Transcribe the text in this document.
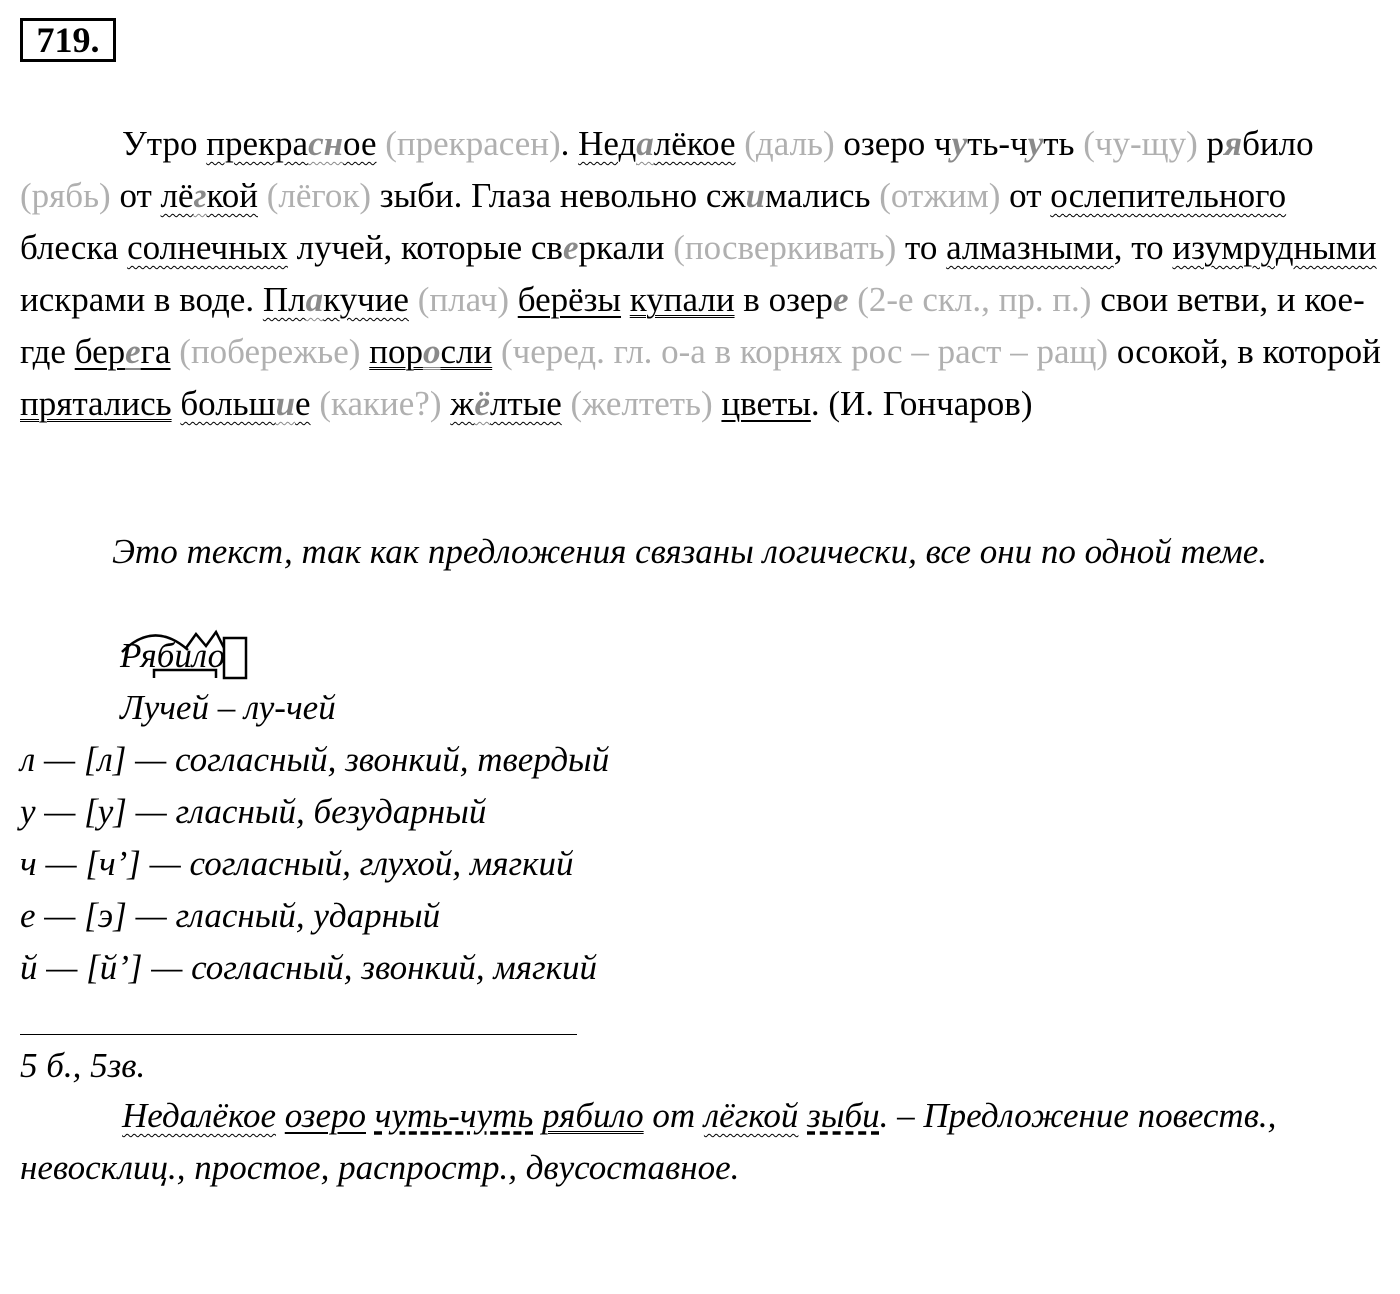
719.

Утро прекрасное (прекрасен). Недалёкое (даль) озеро чуть-чуть (чу-щу) рябило (рябь) от лёгкой (лёгок) зыби. Глаза невольно сжимались (отжим) от ослепительного блеска солнечных лучей, которые сверкали (посверкивать) то алмазными, то изумрудными искрами в воде. Плакучие (плач) берёзы купали в озере (2-е скл., пр. п.) свои ветви, и кое-где берега (побережье) поросли (черед. гл. о-а в корнях рос – раст – ращ) осокой, в которой прятались большие (какие?) жёлтые (желтеть) цветы. (И. Гончаров)

Это текст, так как предложения связаны логически, все они по одной теме.

Рябило
Лучей – лу-чей
л — [л] — согласный, звонкий, твердый
у — [у] — гласный, безударный
ч — [ч’] — согласный, глухой, мягкий
е — [э] — гласный, ударный
й — [й’] — согласный, звонкий, мягкий
5 б., 5зв.

Недалёкое озеро чуть-чуть рябило от лёгкой зыби. – Предложение повеств., невосклиц., простое, распростр., двусоставное.
